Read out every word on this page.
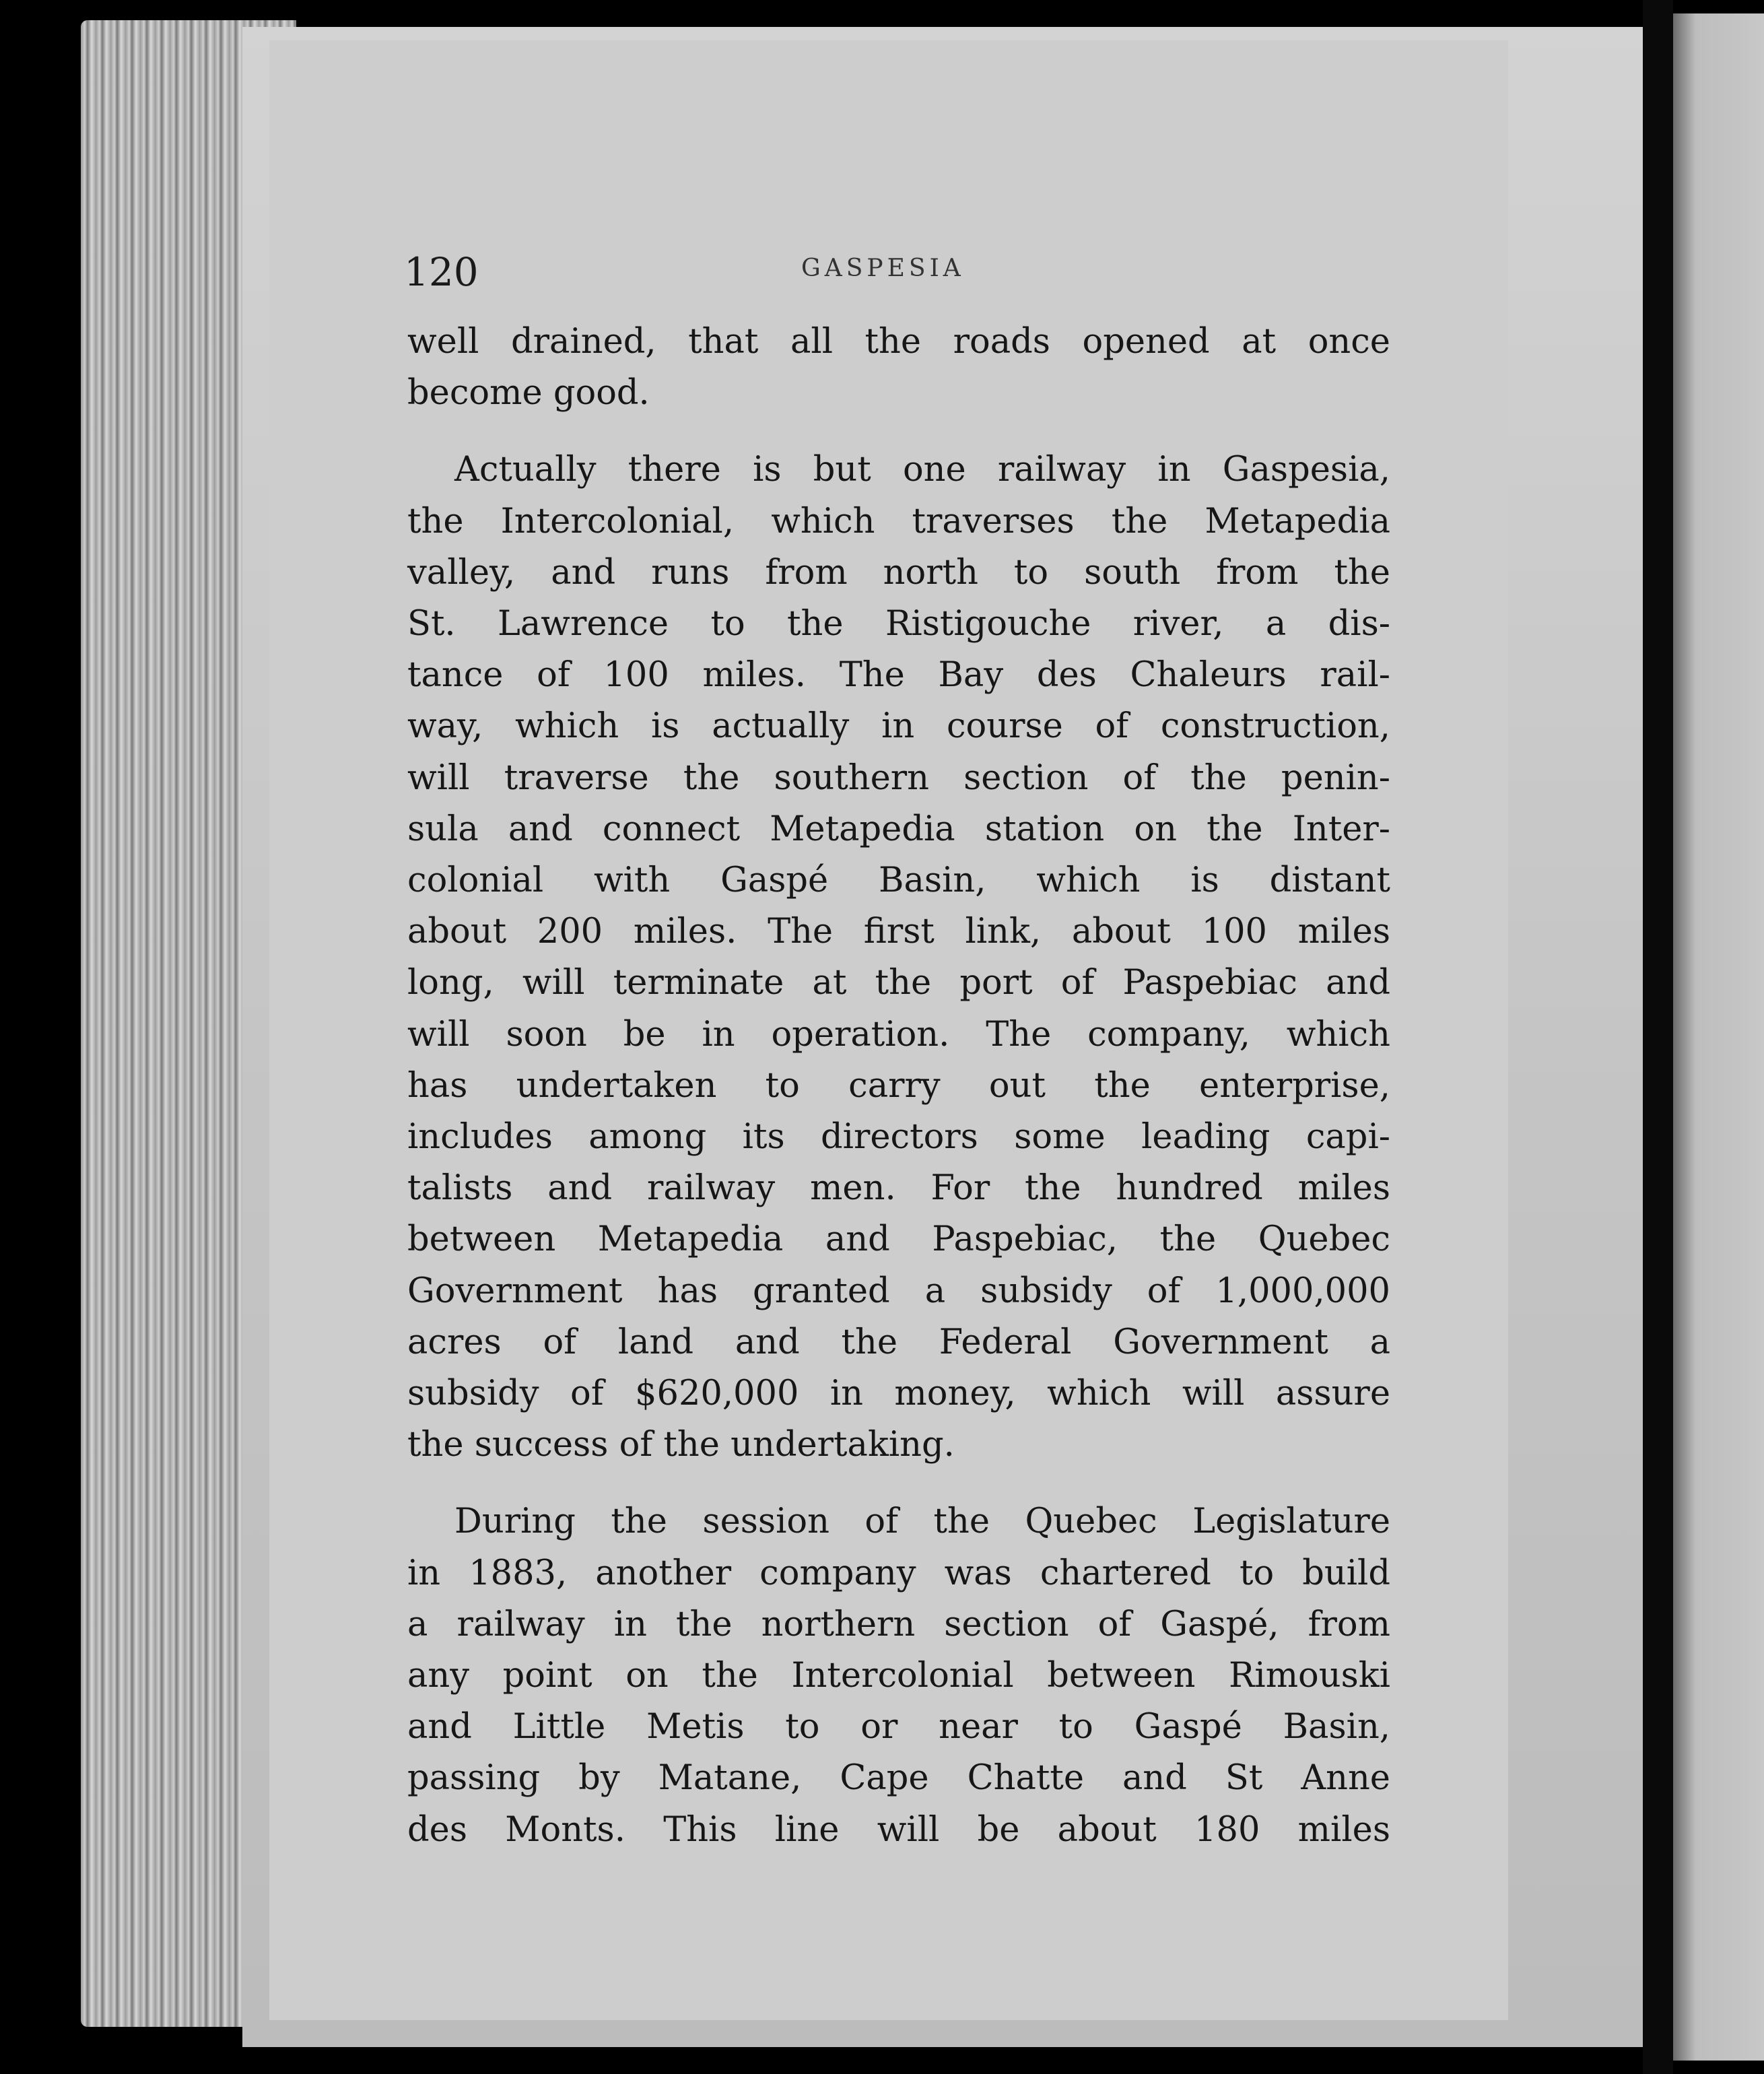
120	GASPESIA
well drained, that all the roads opened at once
become good.
Actually there is but one railway in Gaspesia,
the Intercolonial, which traverses the Metapedia
valley, and runs from north to south from the
St. Lawrence to the Ristigouche river, a dis-
tance of 100 miles. The Bay des Chaleurs rail-
way, which is actually in course of construction,
will traverse the southern section of the penin-
sula and connect Metapedia station on the Inter-
colonial with Gaspé Basin, which is distant
about 200 miles. The first link, about 100 miles
long, will terminate at the port of Paspebiac and
will soon be in operation. The company, which
has undertaken to carry out the enterprise,
includes among its directors some leading capi-
talists and railway men. For the hundred miles
between Metapedia and Paspebiac, the Quebec
Government has granted a subsidy of 1,000,000
acres of land and the Federal Government a
subsidy of $620,000 in money, which will assure
the success of the undertaking.
During the session of the Quebec Legislature
in 1883, another company was chartered to build
a railway in the northern section of Gaspé, from
any point on the Intercolonial between Rimouski
and Little Metis to or near to Gaspé Basin,
passing by Matane, Cape Chatte and St Anne
des Monts. This line will be about 180 miles
